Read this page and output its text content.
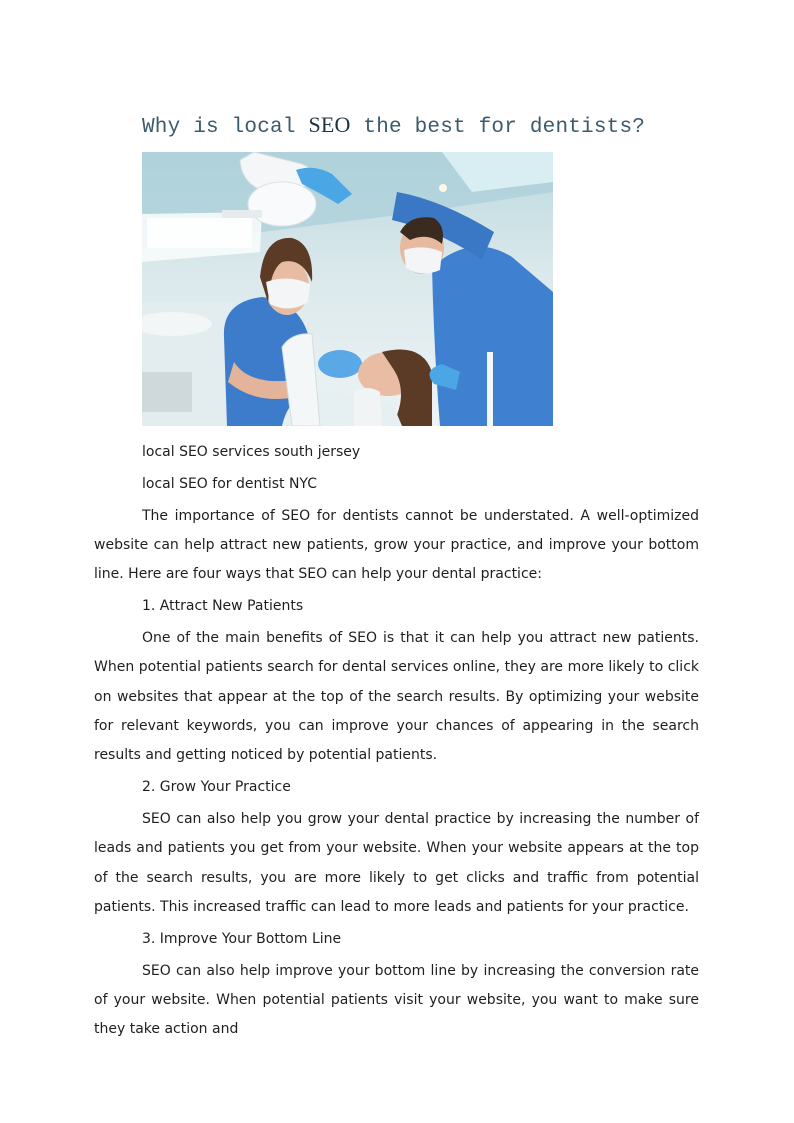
Why is local SEO the best for dentists?

local SEO services south jersey

local SEO for dentist NYC

The importance of SEO for dentists cannot be understated. A well-optimized website can help attract new patients, grow your practice, and improve your bottom line. Here are four ways that SEO can help your dental practice:

1. Attract New Patients

One of the main benefits of SEO is that it can help you attract new patients. When potential patients search for dental services online, they are more likely to click on websites that appear at the top of the search results. By optimizing your website for relevant keywords, you can improve your chances of appearing in the search results and getting noticed by potential patients.

2. Grow Your Practice

SEO can also help you grow your dental practice by increasing the number of leads and patients you get from your website. When your website appears at the top of the search results, you are more likely to get clicks and traffic from potential patients. This increased traffic can lead to more leads and patients for your practice.

3. Improve Your Bottom Line

SEO can also help improve your bottom line by increasing the conversion rate of your website. When potential patients visit your website, you want to make sure they take action and
